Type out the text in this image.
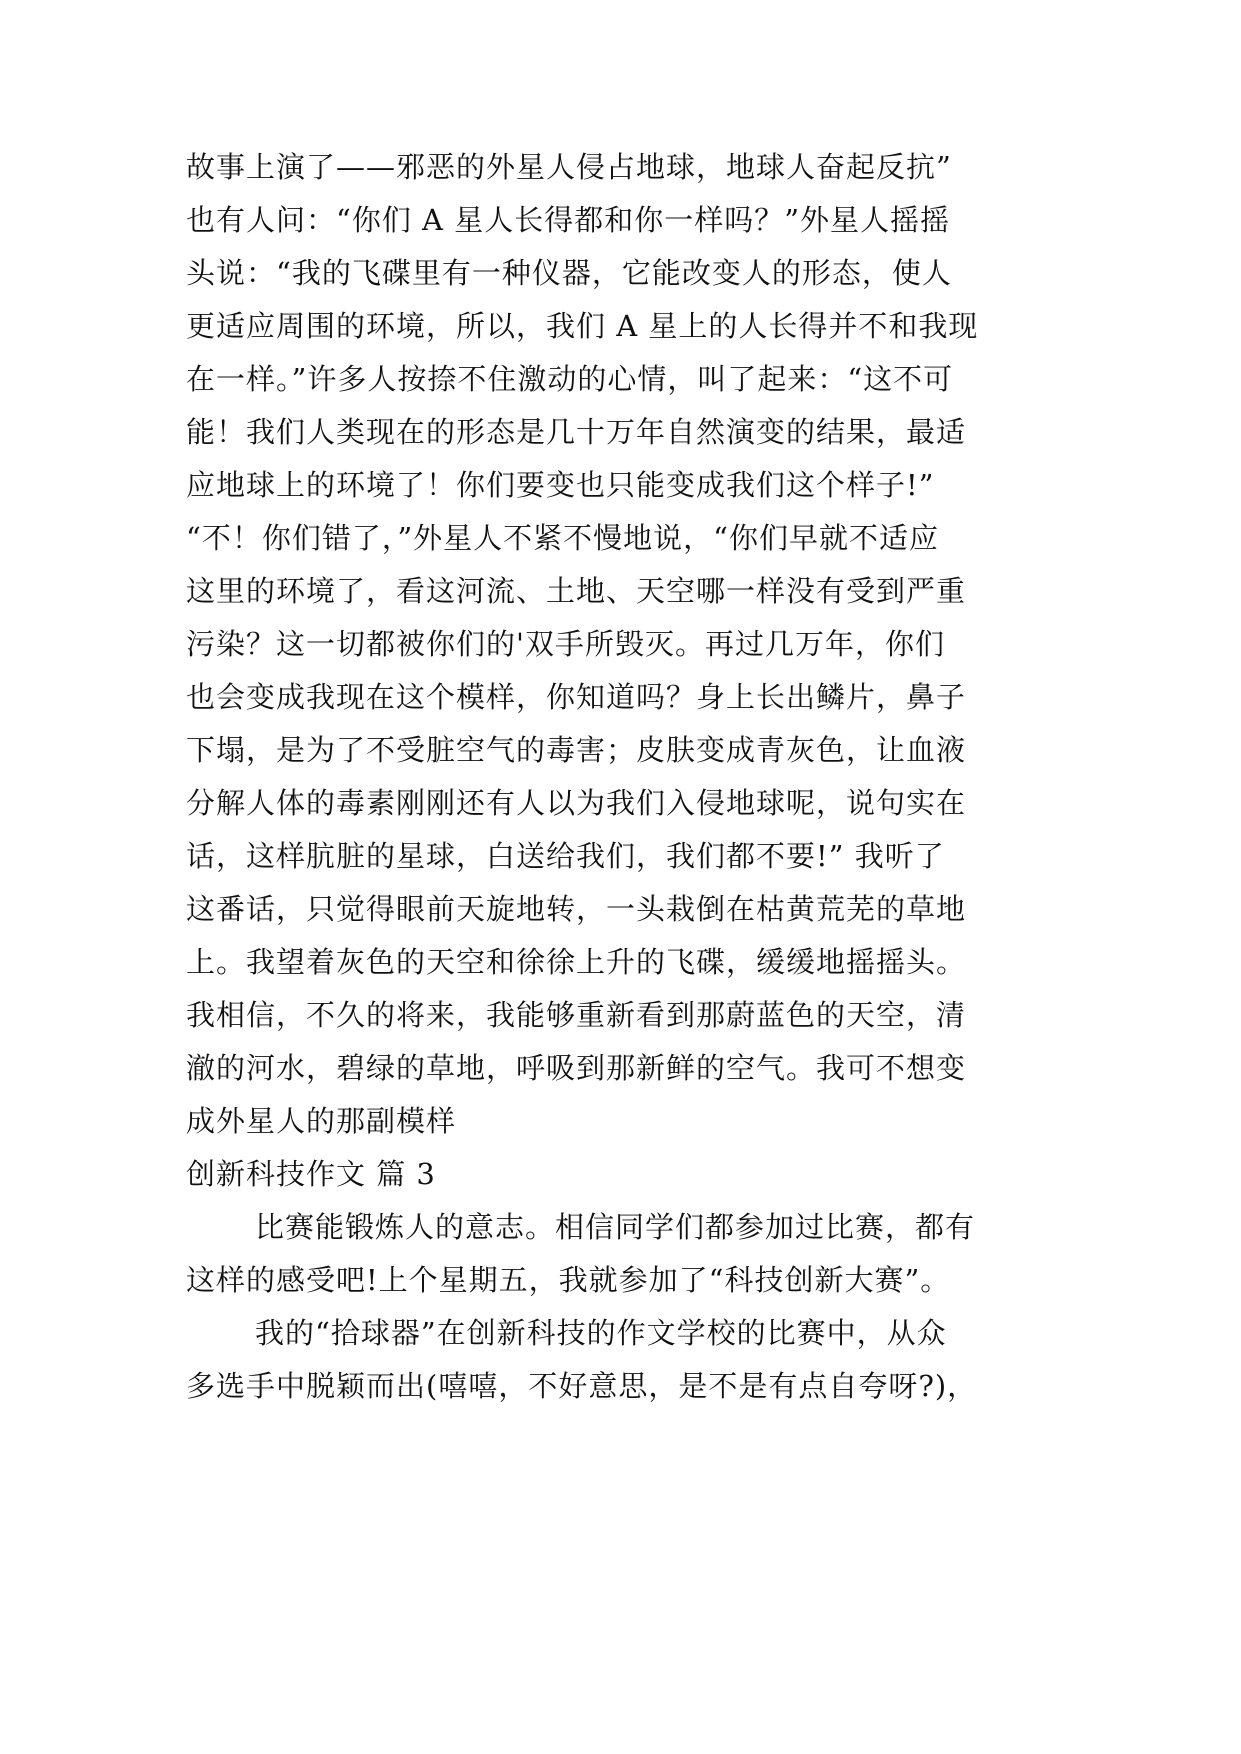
故事上演了——邪恶的外星人侵占地球，地球人奋起反抗”
也有人问：“你们 A 星人长得都和你一样吗？”外星人摇摇
头说：“我的飞碟里有一种仪器，它能改变人的形态，使人
更适应周围的环境，所以，我们 A 星上的人长得并不和我现
在一样。”许多人按捺不住激动的心情，叫了起来：“这不可
能！我们人类现在的形态是几十万年自然演变的结果，最适
应地球上的环境了！你们要变也只能变成我们这个样子!”
“不！你们错了，”外星人不紧不慢地说，“你们早就不适应
这里的环境了，看这河流、土地、天空哪一样没有受到严重
污染？这一切都被你们的'双手所毁灭。再过几万年，你们
也会变成我现在这个模样，你知道吗？身上长出鳞片，鼻子
下塌，是为了不受脏空气的毒害；皮肤变成青灰色，让血液
分解人体的毒素刚刚还有人以为我们入侵地球呢，说句实在
话，这样肮脏的星球，白送给我们，我们都不要!” 我听了
这番话，只觉得眼前天旋地转，一头栽倒在枯黄荒芜的草地
上。我望着灰色的天空和徐徐上升的飞碟，缓缓地摇摇头。
我相信，不久的将来，我能够重新看到那蔚蓝色的天空，清
澈的河水，碧绿的草地，呼吸到那新鲜的空气。我可不想变
成外星人的那副模样
创新科技作文 篇 3
比赛能锻炼人的意志。相信同学们都参加过比赛，都有
这样的感受吧!上个星期五，我就参加了“科技创新大赛”。
我的“拾球器”在创新科技的作文学校的比赛中，从众
多选手中脱颖而出(嘻嘻，不好意思，是不是有点自夸呀?)，
